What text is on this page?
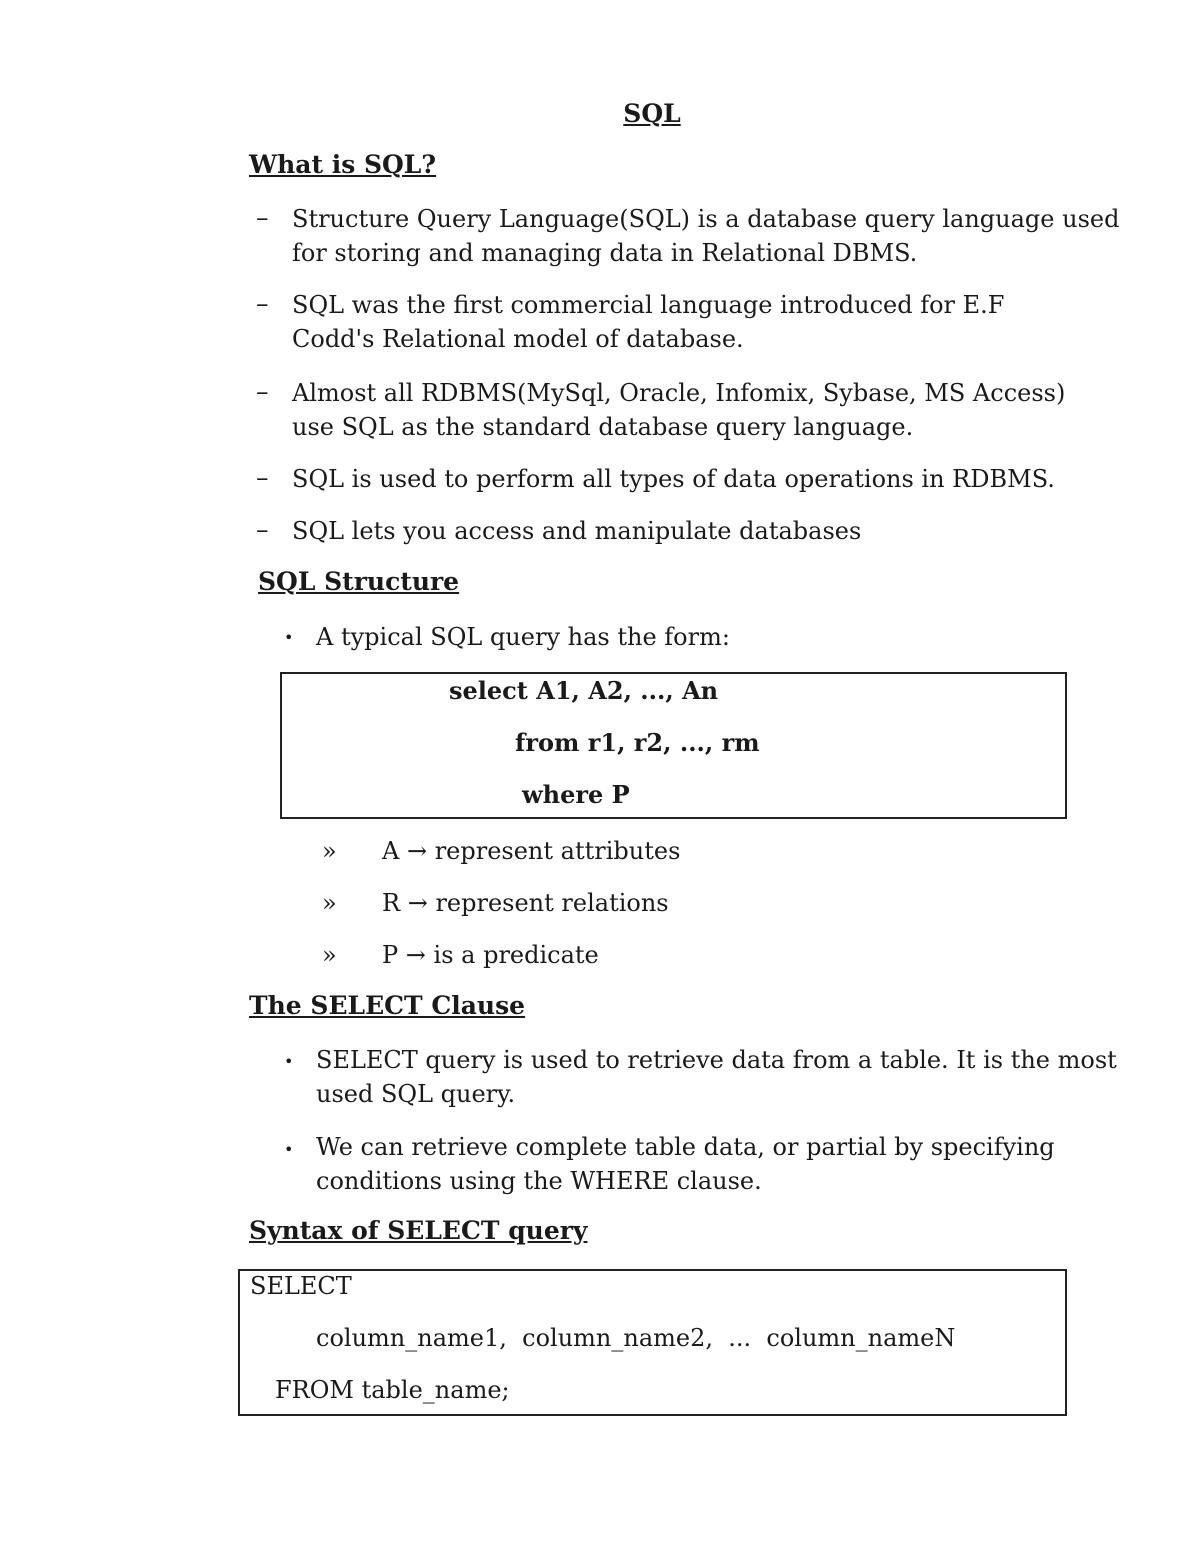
SQL
What is SQL?
– Structure Query Language(SQL) is a database query language used
for storing and managing data in Relational DBMS.
– SQL was the first commercial language introduced for E.F
Codd's Relational model of database.
– Almost all RDBMS(MySql, Oracle, Infomix, Sybase, MS Access)
use SQL as the standard database query language.
– SQL is used to perform all types of data operations in RDBMS.
– SQL lets you access and manipulate databases
SQL Structure
• A typical SQL query has the form:
select A1, A2, ..., An
from r1, r2, ..., rm
where P
» A → represent attributes
» R → represent relations
» P → is a predicate
The SELECT Clause
• SELECT query is used to retrieve data from a table. It is the most
used SQL query.
• We can retrieve complete table data, or partial by specifying
conditions using the WHERE clause.
Syntax of SELECT query
SELECT
column_name1,  column_name2,  ...  column_nameN
FROM table_name;
